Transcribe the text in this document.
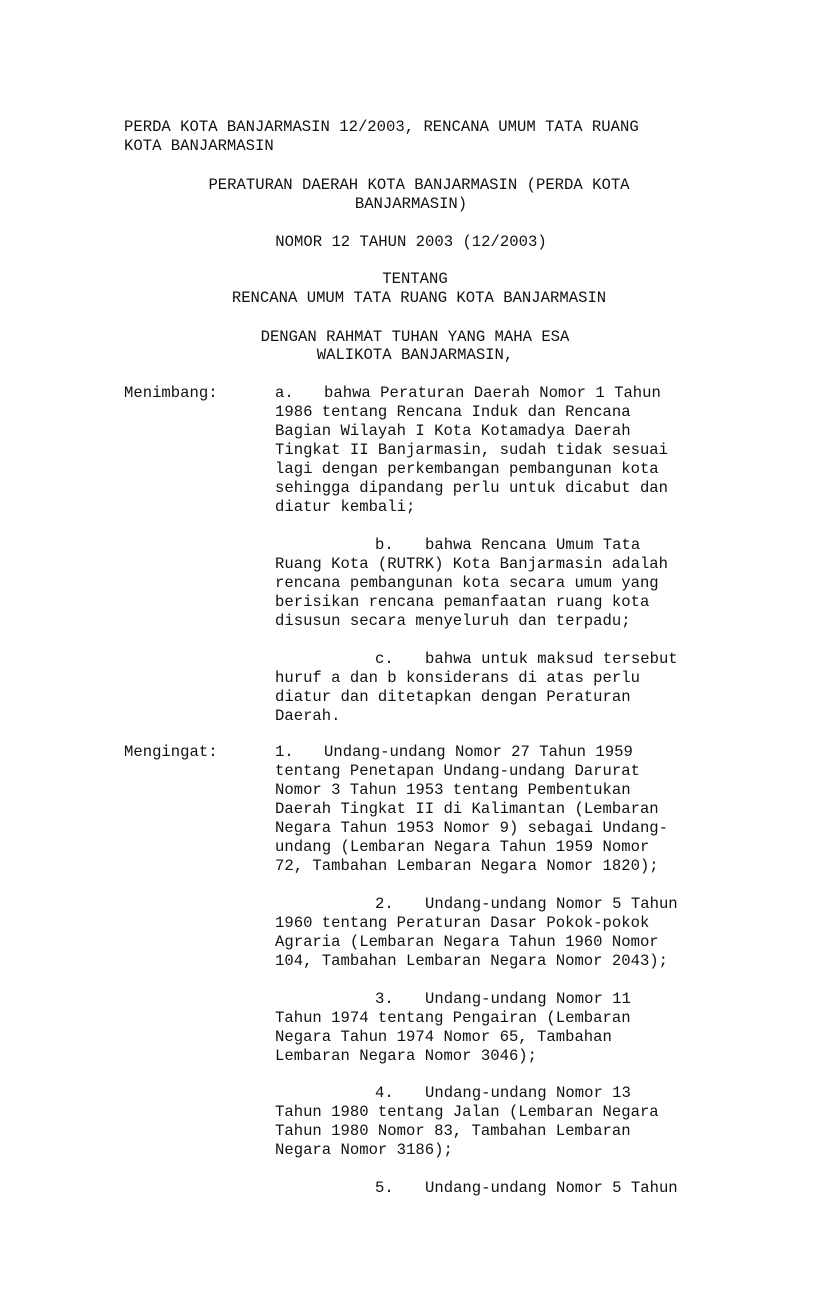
PERDA KOTA BANJARMASIN 12/2003, RENCANA UMUM TATA RUANG
KOTA BANJARMASIN
PERATURAN DAERAH KOTA BANJARMASIN (PERDA KOTA
BANJARMASIN)
NOMOR 12 TAHUN 2003 (12/2003)
TENTANG
RENCANA UMUM TATA RUANG KOTA BANJARMASIN
DENGAN RAHMAT TUHAN YANG MAHA ESA
WALIKOTA BANJARMASIN,
Menimbang:	a. bahwa Peraturan Daerah Nomor 1 Tahun
1986 tentang Rencana Induk dan Rencana
Bagian Wilayah I Kota Kotamadya Daerah
Tingkat II Banjarmasin, sudah tidak sesuai
lagi dengan perkembangan pembangunan kota
sehingga dipandang perlu untuk dicabut dan
diatur kembali;
b. bahwa Rencana Umum Tata
Ruang Kota (RUTRK) Kota Banjarmasin adalah
rencana pembangunan kota secara umum yang
berisikan rencana pemanfaatan ruang kota
disusun secara menyeluruh dan terpadu;
c. bahwa untuk maksud tersebut
huruf a dan b konsiderans di atas perlu
diatur dan ditetapkan dengan Peraturan
Daerah.
Mengingat:	1. Undang-undang Nomor 27 Tahun 1959
tentang Penetapan Undang-undang Darurat
Nomor 3 Tahun 1953 tentang Pembentukan
Daerah Tingkat II di Kalimantan (Lembaran
Negara Tahun 1953 Nomor 9) sebagai Undang-
undang (Lembaran Negara Tahun 1959 Nomor
72, Tambahan Lembaran Negara Nomor 1820);
2. Undang-undang Nomor 5 Tahun
1960 tentang Peraturan Dasar Pokok-pokok
Agraria (Lembaran Negara Tahun 1960 Nomor
104, Tambahan Lembaran Negara Nomor 2043);
3. Undang-undang Nomor 11
Tahun 1974 tentang Pengairan (Lembaran
Negara Tahun 1974 Nomor 65, Tambahan
Lembaran Negara Nomor 3046);
4. Undang-undang Nomor 13
Tahun 1980 tentang Jalan (Lembaran Negara
Tahun 1980 Nomor 83, Tambahan Lembaran
Negara Nomor 3186);
5. Undang-undang Nomor 5 Tahun
